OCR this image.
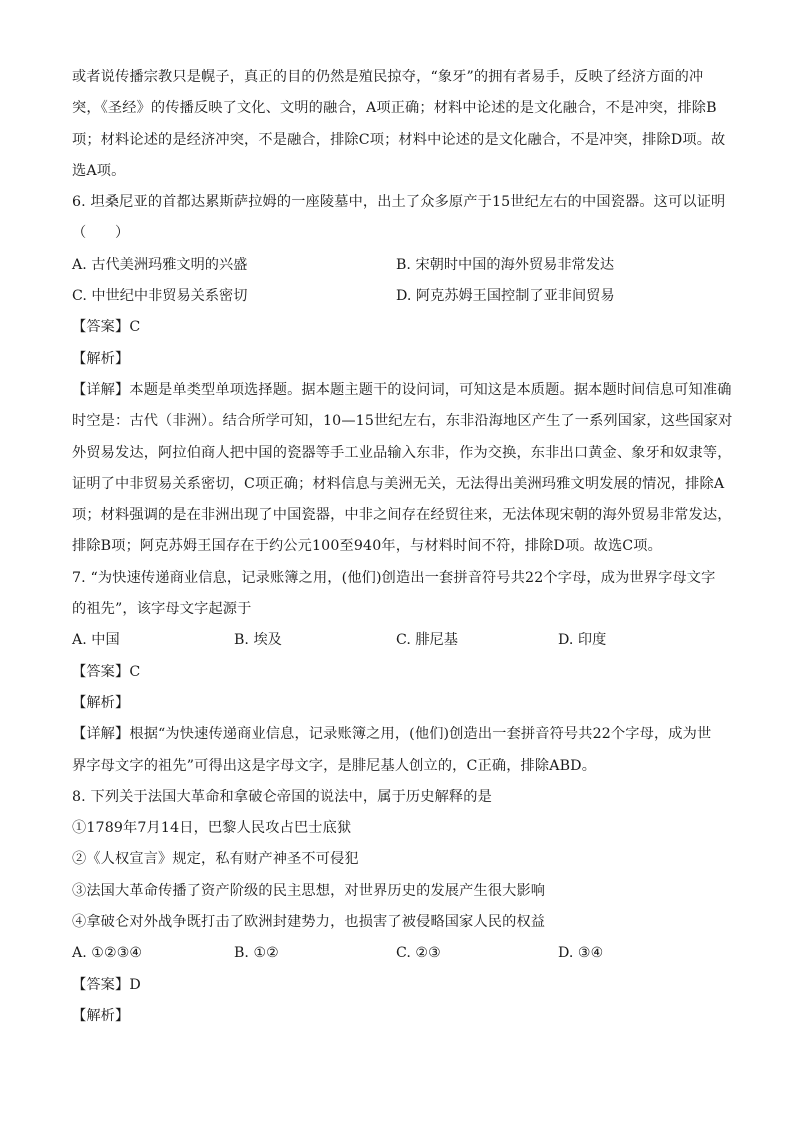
或者说传播宗教只是幌子，真正的目的仍然是殖民掠夺，“象牙”的拥有者易手，反映了经济方面的冲
突，《圣经》的传播反映了文化、文明的融合，A项正确；材料中论述的是文化融合，不是冲突，排除B
项；材料论述的是经济冲突，不是融合，排除C项；材料中论述的是文化融合，不是冲突，排除D项。故
选A项。
6. 坦桑尼亚的首都达累斯萨拉姆的一座陵墓中，出土了众多原产于15世纪左右的中国瓷器。这可以证明
（　　）
A. 古代美洲玛雅文明的兴盛	B. 宋朝时中国的海外贸易非常发达
C. 中世纪中非贸易关系密切	D. 阿克苏姆王国控制了亚非间贸易
【答案】C
【解析】
【详解】本题是单类型单项选择题。据本题主题干的设问词，可知这是本质题。据本题时间信息可知准确
时空是：古代（非洲）。结合所学可知，10—15世纪左右，东非沿海地区产生了一系列国家，这些国家对
外贸易发达，阿拉伯商人把中国的瓷器等手工业品输入东非，作为交换，东非出口黄金、象牙和奴隶等，
证明了中非贸易关系密切，C项正确；材料信息与美洲无关，无法得出美洲玛雅文明发展的情况，排除A
项；材料强调的是在非洲出现了中国瓷器，中非之间存在经贸往来，无法体现宋朝的海外贸易非常发达，
排除B项；阿克苏姆王国存在于约公元100至940年，与材料时间不符，排除D项。故选C项。
7. “为快速传递商业信息，记录账簿之用，(他们)创造出一套拼音符号共22个字母，成为世界字母文字
的祖先”，该字母文字起源于
A. 中国	B. 埃及	C. 腓尼基	D. 印度
【答案】C
【解析】
【详解】根据“为快速传递商业信息，记录账簿之用，(他们)创造出一套拼音符号共22个字母，成为世
界字母文字的祖先”可得出这是字母文字，是腓尼基人创立的，C正确，排除ABD。
8. 下列关于法国大革命和拿破仑帝国的说法中，属于历史解释的是
①1789年7月14日，巴黎人民攻占巴士底狱
②《人权宣言》规定，私有财产神圣不可侵犯
③法国大革命传播了资产阶级的民主思想，对世界历史的发展产生很大影响
④拿破仑对外战争既打击了欧洲封建势力，也损害了被侵略国家人民的权益
A. ①②③④	B. ①②	C. ②③	D. ③④
【答案】D
【解析】
